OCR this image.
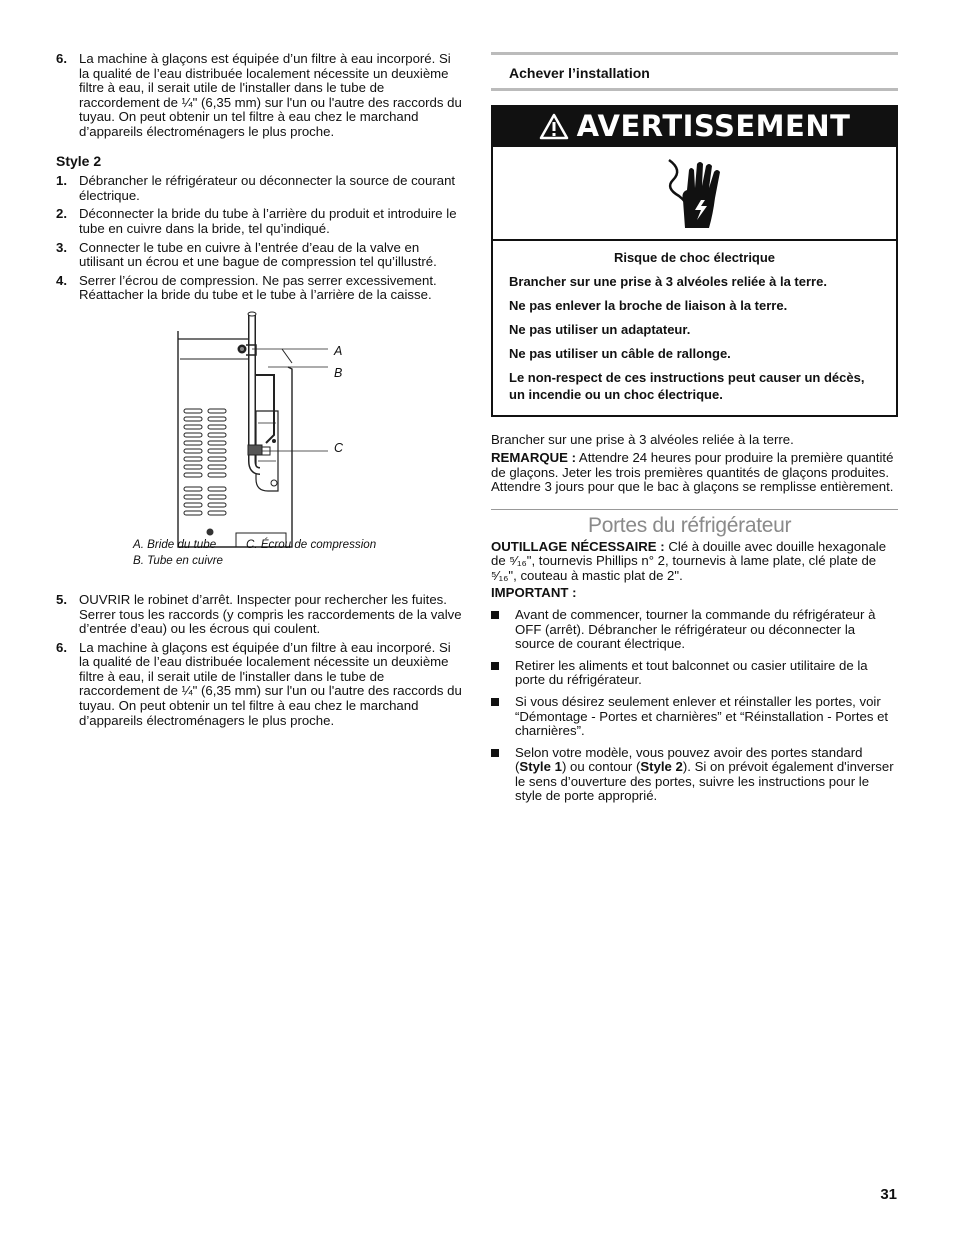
6. La machine à glaçons est équipée d’un filtre à eau incorporé. Si la qualité de l’eau distribuée localement nécessite un deuxième filtre à eau, il serait utile de l'installer dans le tube de raccordement de ¼" (6,35 mm) sur l'un ou l'autre des raccords du tuyau. On peut obtenir un tel filtre à eau chez le marchand d’appareils électroménagers le plus proche.
Style 2
1. Débrancher le réfrigérateur ou déconnecter la source de courant électrique.
2. Déconnecter la bride du tube à l’arrière du produit et introduire le tube en cuivre dans la bride, tel qu’indiqué.
3. Connecter le tube en cuivre à l’entrée d’eau de la valve en utilisant un écrou et une bague de compression tel qu’illustré.
4. Serrer l’écrou de compression. Ne pas serrer excessivement. Réattacher la bride du tube et le tube à l’arrière de la caisse.
A
B
C
A. Bride du tube
B. Tube en cuivre
C. Écrou de compression
5. OUVRIR le robinet d’arrêt. Inspecter pour rechercher les fuites. Serrer tous les raccords (y compris les raccordements de la valve d’entrée d’eau) ou les écrous qui coulent.
6. La machine à glaçons est équipée d’un filtre à eau incorporé. Si la qualité de l’eau distribuée localement nécessite un deuxième filtre à eau, il serait utile de l'installer dans le tube de raccordement de ¼" (6,35 mm) sur l'un ou l'autre des raccords du tuyau. On peut obtenir un tel filtre à eau chez le marchand d’appareils électroménagers le plus proche.
Achever l’installation
AVERTISSEMENT

Risque de choc électrique

Brancher sur une prise à 3 alvéoles reliée à la terre.

Ne pas enlever la broche de liaison à la terre.

Ne pas utiliser un adaptateur.

Ne pas utiliser un câble de rallonge.

Le non-respect de ces instructions peut causer un décès, un incendie ou un choc électrique.

Brancher sur une prise à 3 alvéoles reliée à la terre.

REMARQUE : Attendre 24 heures pour produire la première quantité de glaçons. Jeter les trois premières quantités de glaçons produites. Attendre 3 jours pour que le bac à glaçons se remplisse entièrement.

Portes du réfrigérateur

OUTILLAGE NÉCESSAIRE : Clé à douille avec douille hexagonale de ⁵⁄₁₆", tournevis Phillips n° 2, tournevis à lame plate, clé plate de ⁵⁄₁₆", couteau à mastic plat de 2".

IMPORTANT :

Avant de commencer, tourner la commande du réfrigérateur à OFF (arrêt). Débrancher le réfrigérateur ou déconnecter la source de courant électrique.
Retirer les aliments et tout balconnet ou casier utilitaire de la porte du réfrigérateur.
Si vous désirez seulement enlever et réinstaller les portes, voir “Démontage - Portes et charnières” et “Réinstallation - Portes et charnières”.
Selon votre modèle, vous pouvez avoir des portes standard (Style 1) ou contour (Style 2). Si on prévoit également d'inverser le sens d’ouverture des portes, suivre les instructions pour le style de porte approprié.
31
